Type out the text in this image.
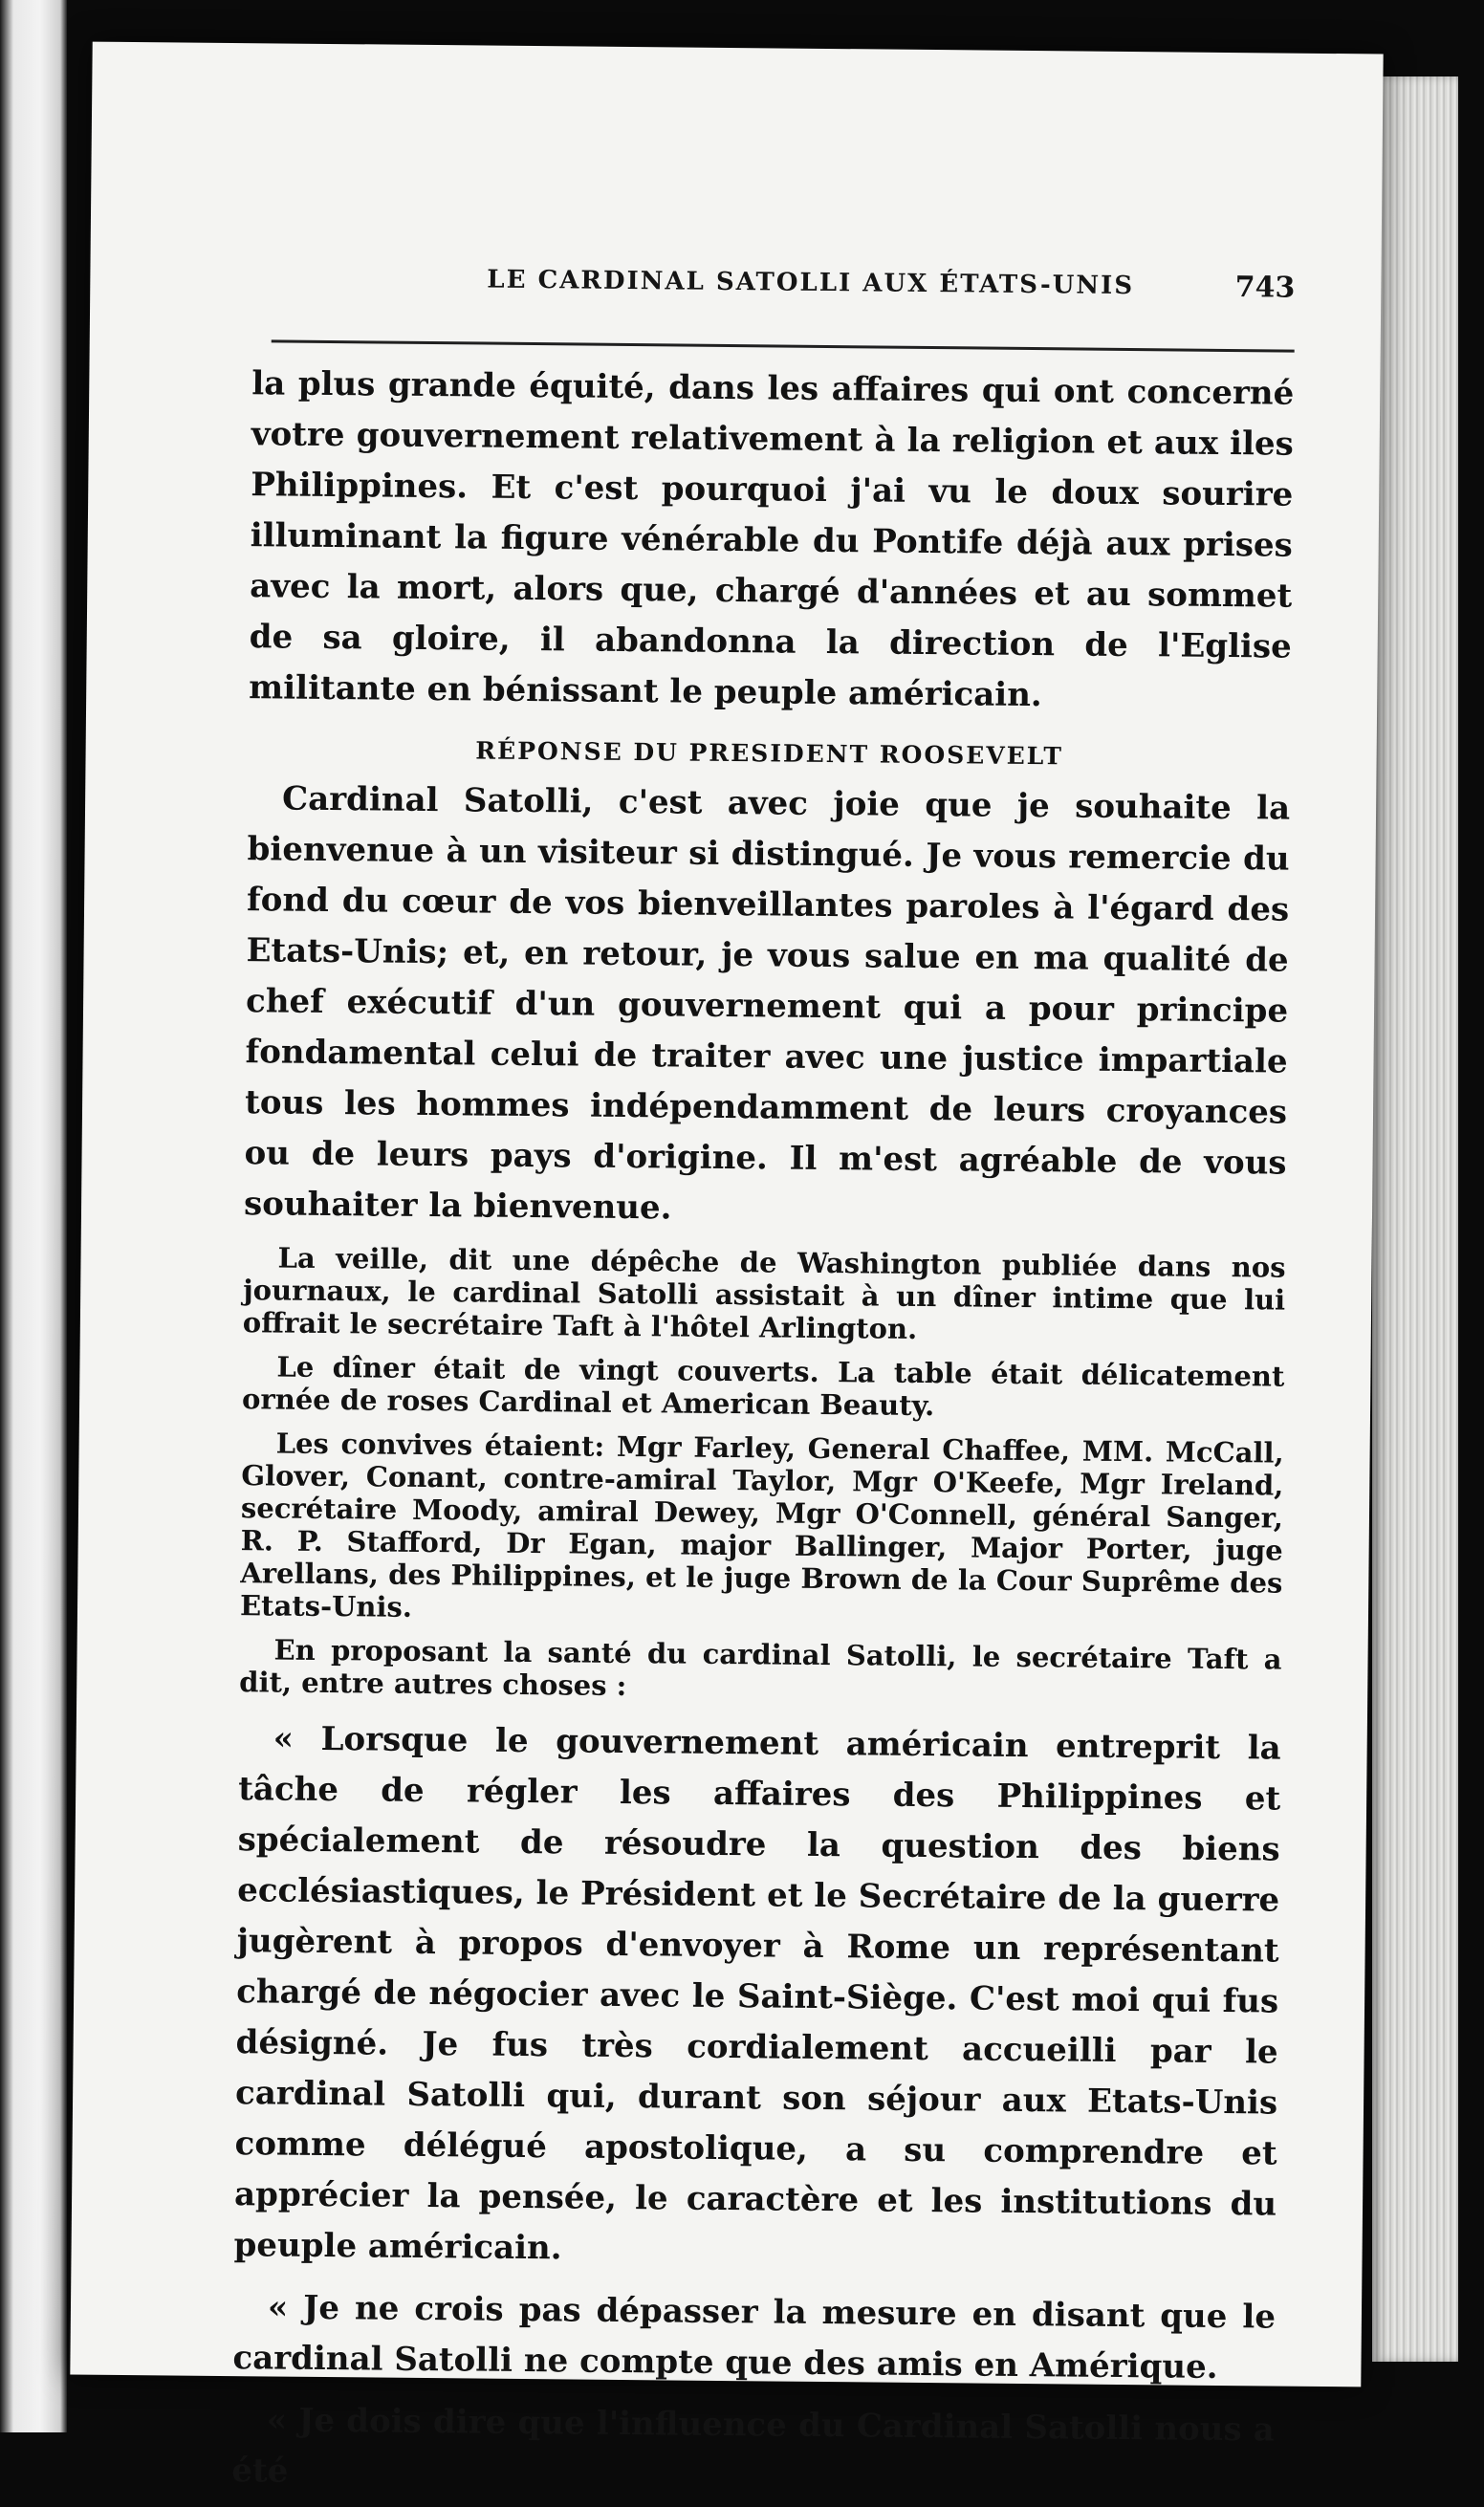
LE CARDINAL SATOLLI AUX ÉTATS-UNIS	743

la plus grande équité, dans les affaires qui ont concerné votre gouvernement relativement à la religion et aux iles Philippines. Et c'est pourquoi j'ai vu le doux sourire illuminant la figure vénérable du Pontife déjà aux prises avec la mort, alors que, chargé d'années et au sommet de sa gloire, il abandonna la direction de l'Eglise militante en bénissant le peuple américain.

RÉPONSE DU PRESIDENT ROOSEVELT

Cardinal Satolli, c'est avec joie que je souhaite la bienvenue à un visiteur si distingué. Je vous remercie du fond du cœur de vos bienveillantes paroles à l'égard des Etats-Unis; et, en retour, je vous salue en ma qualité de chef exécutif d'un gouvernement qui a pour principe fondamental celui de traiter avec une justice impartiale tous les hommes indépendamment de leurs croyances ou de leurs pays d'origine. Il m'est agréable de vous souhaiter la bienvenue.

La veille, dit une dépêche de Washington publiée dans nos journaux, le cardinal Satolli assistait à un dîner intime que lui offrait le secrétaire Taft à l'hôtel Arlington.

Le dîner était de vingt couverts. La table était délicatement ornée de roses Cardinal et American Beauty.

Les convives étaient: Mgr Farley, General Chaffee, MM. McCall, Glover, Conant, contre-amiral Taylor, Mgr O'Keefe, Mgr Ireland, secrétaire Moody, amiral Dewey, Mgr O'Connell, général Sanger, R. P. Stafford, Dr Egan, major Ballinger, Major Porter, juge Arellans, des Philippines, et le juge Brown de la Cour Suprême des Etats-Unis.

En proposant la santé du cardinal Satolli, le secrétaire Taft a dit, entre autres choses :

« Lorsque le gouvernement américain entreprit la tâche de régler les affaires des Philippines et spécialement de résoudre la question des biens ecclésiastiques, le Président et le Secrétaire de la guerre jugèrent à propos d'envoyer à Rome un représentant chargé de négocier avec le Saint-Siège. C'est moi qui fus désigné. Je fus très cordialement accueilli par le cardinal Satolli qui, durant son séjour aux Etats-Unis comme délégué apostolique, a su comprendre et apprécier la pensée, le caractère et les institutions du peuple américain.

« Je ne crois pas dépasser la mesure en disant que le cardinal Satolli ne compte que des amis en Amérique.

« Je dois dire que l'influence du Cardinal Satolli nous a été
